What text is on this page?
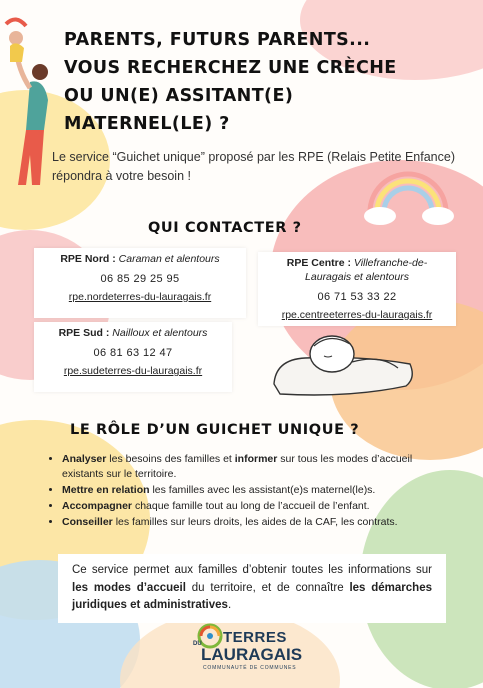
PARENTS, FUTURS PARENTS...
VOUS RECHERCHEZ UNE CRÈCHE
OU UN(E) ASSITANT(E)
MATERNEL(LE) ?
Le service “Guichet unique” proposé par les RPE (Relais Petite Enfance) répondra à votre besoin !
QUI CONTACTER ?
RPE Nord : Caraman et alentours
06 85 29 25 95
rpe.nordeterres-du-lauragais.fr
RPE Centre : Villefranche-de-Lauragais et alentours
06 71 53 33 22
rpe.centreeterres-du-lauragais.fr
RPE Sud : Nailloux et alentours
06 81 63 12 47
rpe.sudeterres-du-lauragais.fr
LE RÔLE D’UN GUICHET UNIQUE ?
• Analyser les besoins des familles et informer sur tous les modes d’accueil existants sur le territoire.
• Mettre en relation les familles avec les assistant(e)s maternel(le)s.
• Accompagner chaque famille tout au long de l’accueil de l’enfant.
• Conseiller les familles sur leurs droits, les aides de la CAF, les contrats.
Ce service permet aux familles d’obtenir toutes les informations sur les modes d’accueil du territoire, et de connaître les démarches juridiques et administratives.
TERRES
DU
LAURAGAIS
COMMUNAUTÉ DE COMMUNES
